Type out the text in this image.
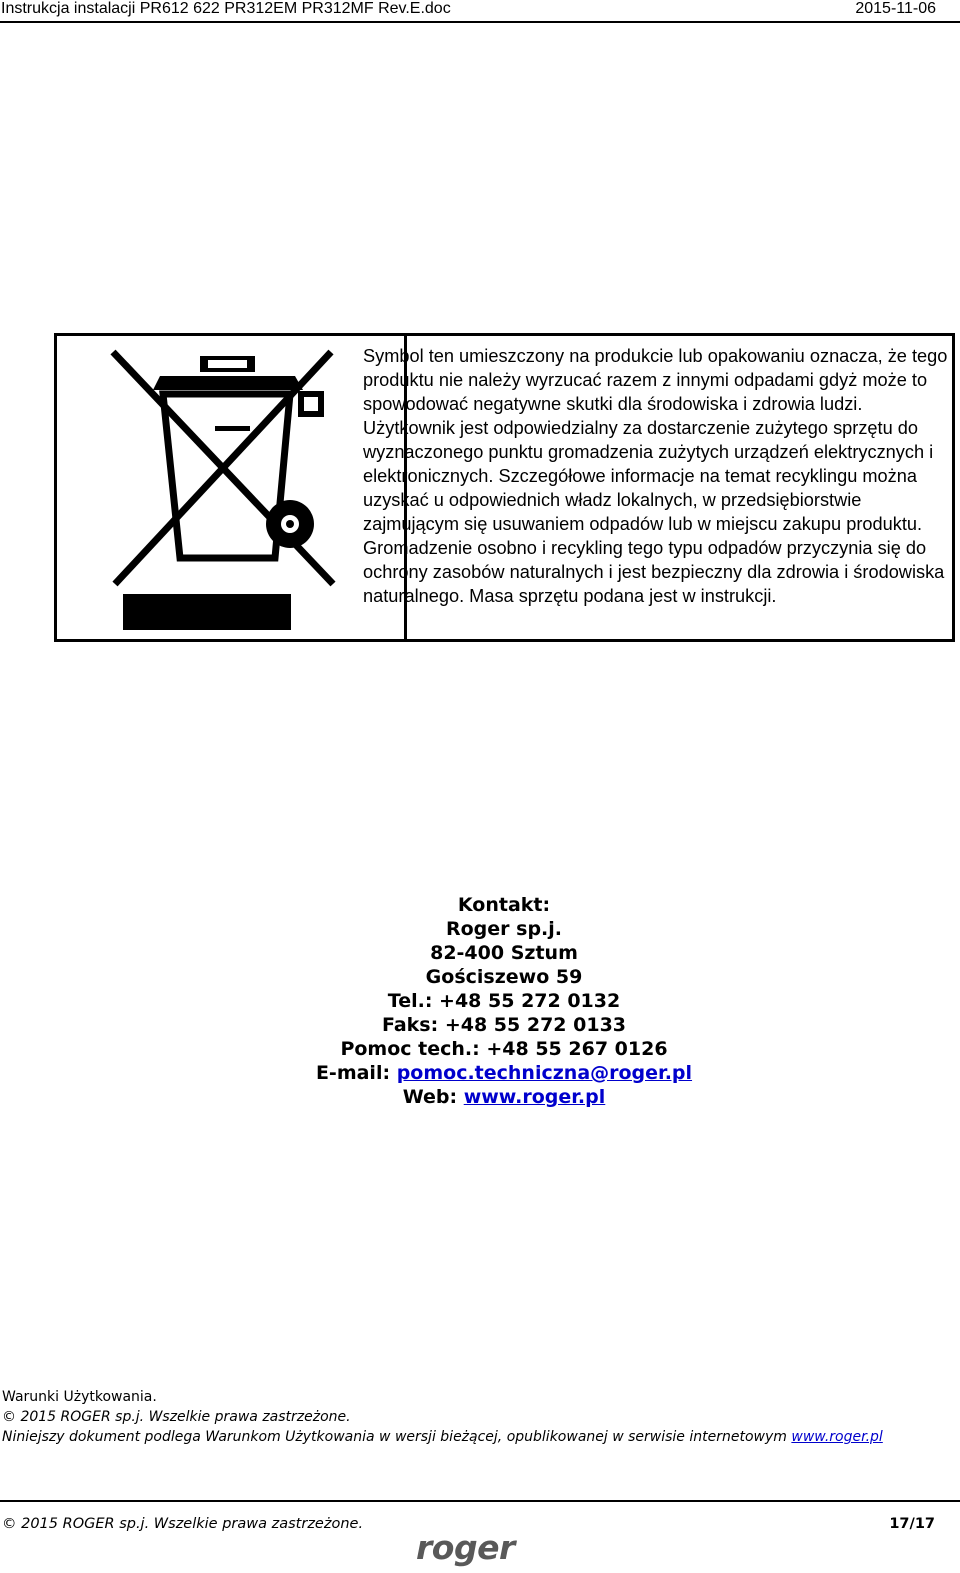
Instrukcja instalacji PR612 622 PR312EM PR312MF Rev.E.doc	2015-11-06

Symbol ten umieszczony na produkcie lub opakowaniu oznacza, że tego produktu nie należy wyrzucać razem z innymi odpadami gdyż może to spowodować negatywne skutki dla środowiska i zdrowia ludzi. Użytkownik jest odpowiedzialny za dostarczenie zużytego sprzętu do wyznaczonego punktu gromadzenia zużytych urządzeń elektrycznych i elektronicznych. Szczegółowe informacje na temat recyklingu można uzyskać u odpowiednich władz lokalnych, w przedsiębiorstwie zajmującym się usuwaniem odpadów lub w miejscu zakupu produktu. Gromadzenie osobno i recykling tego typu odpadów przyczynia się do ochrony zasobów naturalnych i jest bezpieczny dla zdrowia i środowiska naturalnego. Masa sprzętu podana jest w instrukcji.

Kontakt:
Roger sp.j.
82-400 Sztum
Gościszewo 59
Tel.: +48 55 272 0132
Faks: +48 55 272 0133
Pomoc tech.: +48 55 267 0126
E-mail: pomoc.techniczna@roger.pl
Web: www.roger.pl
Warunki Użytkowania.
© 2015 ROGER sp.j. Wszelkie prawa zastrzeżone.
Niniejszy dokument podlega Warunkom Użytkowania w wersji bieżącej, opublikowanej w serwisie internetowym www.roger.pl
© 2015 ROGER sp.j. Wszelkie prawa zastrzeżone.	17/17
roger
